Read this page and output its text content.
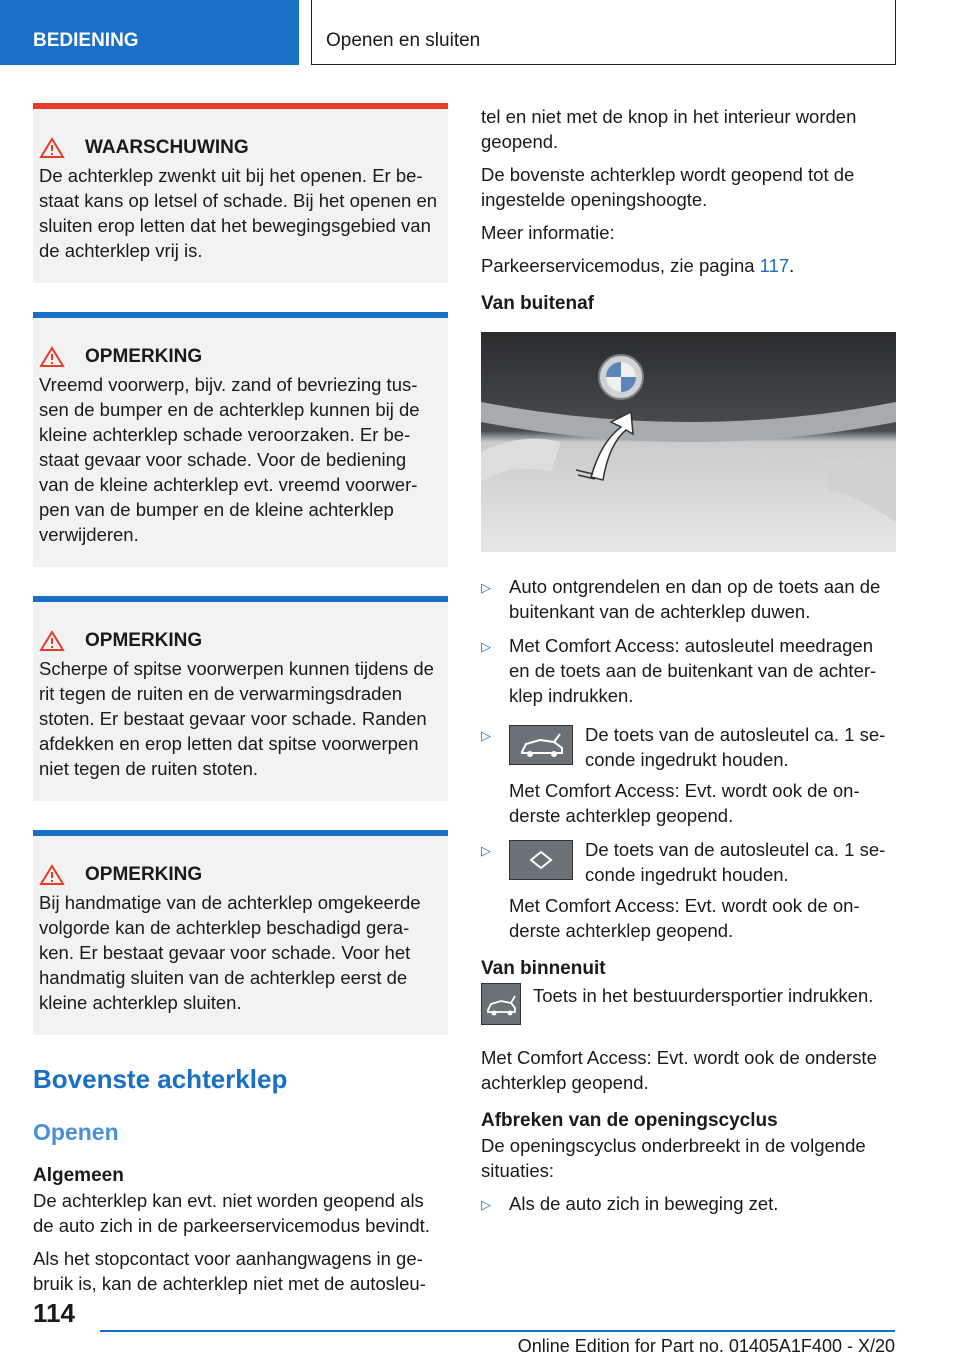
BEDIENING	Openen en sluiten
WAARSCHUWING
De achterklep zwenkt uit bij het openen. Er be-staat kans op letsel of schade. Bij het openen en sluiten erop letten dat het bewegingsgebied van de achterklep vrij is.
OPMERKING
Vreemd voorwerp, bijv. zand of bevriezing tus-sen de bumper en de achterklep kunnen bij de kleine achterklep schade veroorzaken. Er be-staat gevaar voor schade. Voor de bediening van de kleine achterklep evt. vreemd voorwer-pen van de bumper en de kleine achterklep verwijderen.
OPMERKING
Scherpe of spitse voorwerpen kunnen tijdens de rit tegen de ruiten en de verwarmingsdraden stoten. Er bestaat gevaar voor schade. Randen afdekken en erop letten dat spitse voorwerpen niet tegen de ruiten stoten.
OPMERKING
Bij handmatige van de achterklep omgekeerde volgorde kan de achterklep beschadigd gera-ken. Er bestaat gevaar voor schade. Voor het handmatig sluiten van de achterklep eerst de kleine achterklep sluiten.
Bovenste achterklep
Openen
Algemeen

De achterklep kan evt. niet worden geopend als de auto zich in de parkeerservicemodus bevindt.

Als het stopcontact voor aanhangwagens in ge-bruik is, kan de achterklep niet met de autosleu-

tel en niet met de knop in het interieur worden geopend.

De bovenste achterklep wordt geopend tot de ingestelde openingshoogte.

Meer informatie:

Parkeerservicemodus, zie pagina 117.

Van buitenaf
▷ Auto ontgrendelen en dan op de toets aan de buitenkant van de achterklep duwen.
▷ Met Comfort Access: autosleutel meedragen en de toets aan de buitenkant van de achter-klep indrukken.
▷	De toets van de autosleutel ca. 1 se-conde ingedrukt houden.
Met Comfort Access: Evt. wordt ook de on-derste achterklep geopend.
▷	De toets van de autosleutel ca. 1 se-conde ingedrukt houden.
Met Comfort Access: Evt. wordt ook de on-derste achterklep geopend.
Van binnenuit

Toets in het bestuurdersportier indrukken.

Met Comfort Access: Evt. wordt ook de onderste achterklep geopend.

Afbreken van de openingscyclus

De openingscyclus onderbreekt in de volgende situaties:

▷ Als de auto zich in beweging zet.
114
Online Edition for Part no. 01405A1F400 - X/20
